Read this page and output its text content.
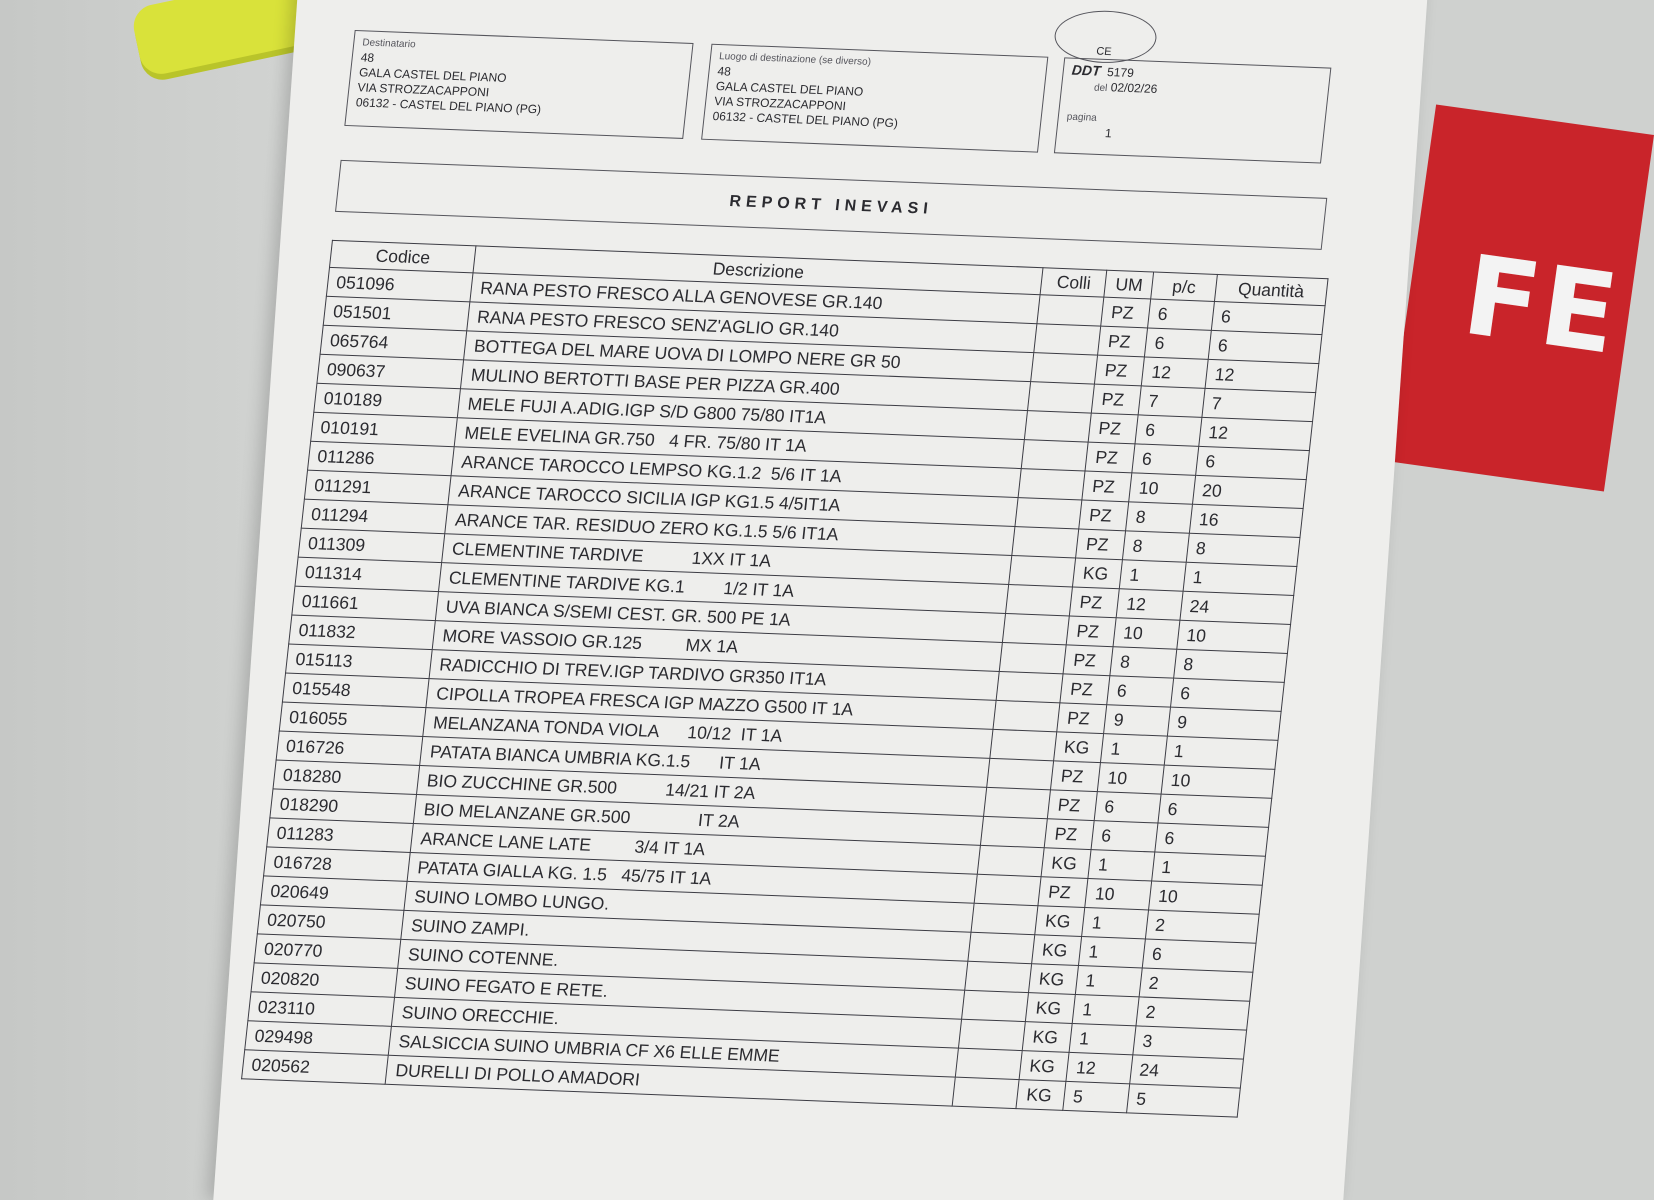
FE
CE
Destinatario
48
GALA CASTEL DEL PIANO
VIA STROZZACAPPONI
06132 - CASTEL DEL PIANO (PG)
Luogo di destinazione (se diverso)
48
GALA CASTEL DEL PIANO
VIA STROZZACAPPONI
06132 - CASTEL DEL PIANO (PG)
DDT 5179
del 02/02/26
pagina
1
REPORT INEVASI
Codice	Descrizione	Colli	UM	p/c	Quantità
051096	RANA PESTO FRESCO ALLA GENOVESE GR.140		PZ	6	6
051501	RANA PESTO FRESCO SENZ'AGLIO GR.140		PZ	6	6
065764	BOTTEGA DEL MARE UOVA DI LOMPO NERE GR 50		PZ	12	12
090637	MULINO BERTOTTI BASE PER PIZZA GR.400		PZ	7	7
010189	MELE FUJI A.ADIG.IGP S/D G800 75/80 IT1A		PZ	6	12
010191	MELE EVELINA GR.750   4 FR. 75/80 IT 1A		PZ	6	6
011286	ARANCE TAROCCO LEMPSO KG.1.2  5/6 IT 1A		PZ	10	20
011291	ARANCE TAROCCO SICILIA IGP KG1.5 4/5IT1A		PZ	8	16
011294	ARANCE TAR. RESIDUO ZERO KG.1.5 5/6 IT1A		PZ	8	8
011309	CLEMENTINE TARDIVE          1XX IT 1A		KG	1	1
011314	CLEMENTINE TARDIVE KG.1        1/2 IT 1A		PZ	12	24
011661	UVA BIANCA S/SEMI CEST. GR. 500 PE 1A		PZ	10	10
011832	MORE VASSOIO GR.125         MX 1A		PZ	8	8
015113	RADICCHIO DI TREV.IGP TARDIVO GR350 IT1A		PZ	6	6
015548	CIPOLLA TROPEA FRESCA IGP MAZZO G500 IT 1A		PZ	9	9
016055	MELANZANA TONDA VIOLA      10/12  IT 1A		KG	1	1
016726	PATATA BIANCA UMBRIA KG.1.5      IT 1A		PZ	10	10
018280	BIO ZUCCHINE GR.500          14/21 IT 2A		PZ	6	6
018290	BIO MELANZANE GR.500              IT 2A		PZ	6	6
011283	ARANCE LANE LATE         3/4 IT 1A		KG	1	1
016728	PATATA GIALLA KG. 1.5   45/75 IT 1A		PZ	10	10
020649	SUINO LOMBO LUNGO.		KG	1	2
020750	SUINO ZAMPI.		KG	1	6
020770	SUINO COTENNE.		KG	1	2
020820	SUINO FEGATO E RETE.		KG	1	2
023110	SUINO ORECCHIE.		KG	1	3
029498	SALSICCIA SUINO UMBRIA CF X6 ELLE EMME		KG	12	24
020562	DURELLI DI POLLO AMADORI		KG	5	5
